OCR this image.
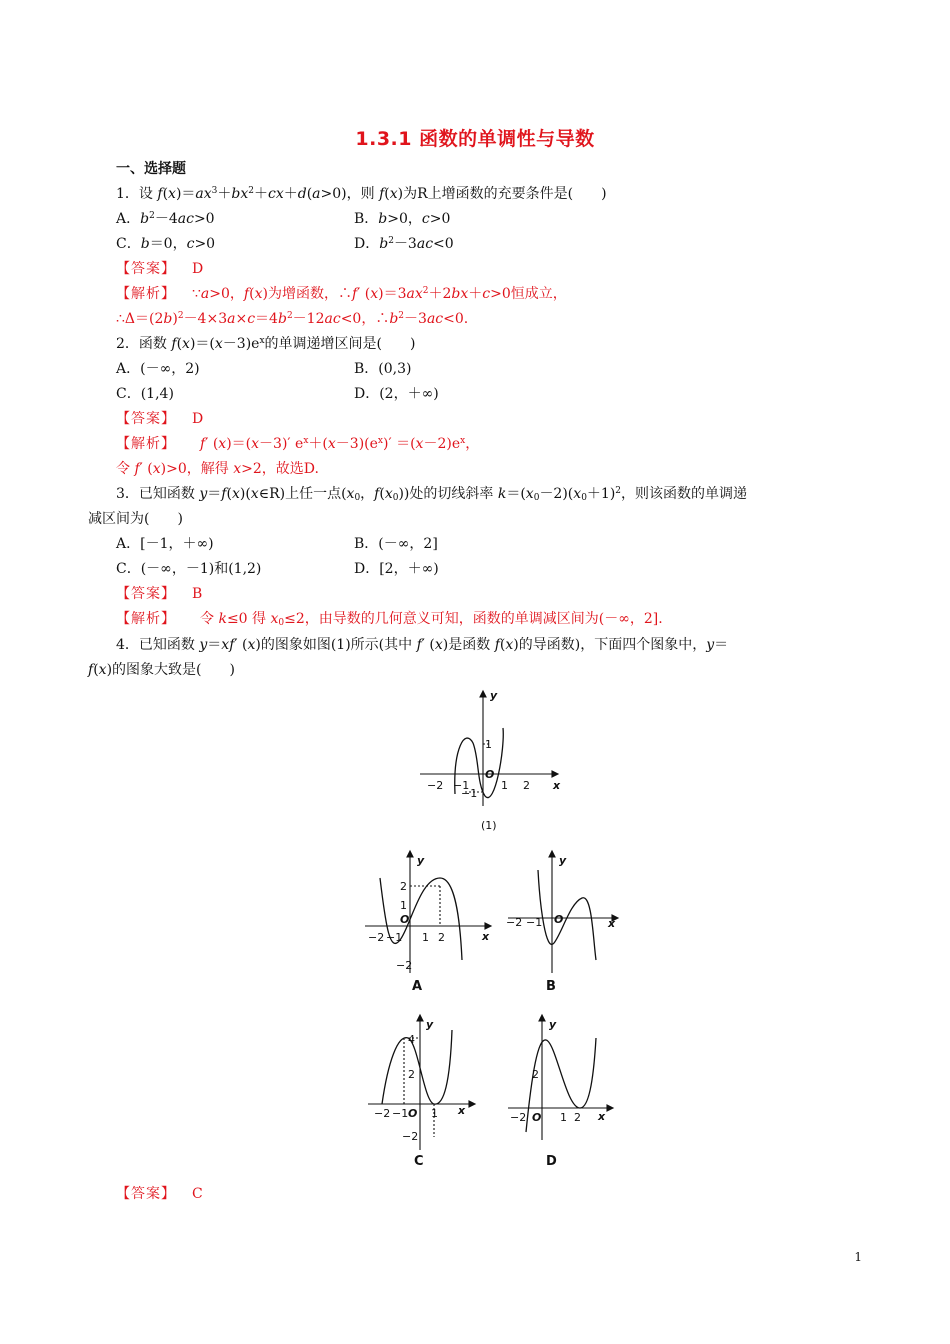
1.3.1 函数的单调性与导数
一、选择题
1．设 $f(x)=ax^3+bx^2+cx+d(a>0)$，则 f(x)为R上增函数的充要条件是(　　)
A．$b^2-4ac>0$	B．b>0，c>0
C．b＝0，c>0	D．$b^2-3ac<0$
【答案】 D
【解析】 ∵a>0，f(x)为增函数，∴f′ $(x)=3ax^2+2bx+c>0$恒成立，
$\therefore\Delta=(2b)^2-4\times 3a\times c=4b^2-12ac<0$，$\therefore b^2-3ac<0$.
2．函数 $f(x)=(x-3)e^x$的单调递增区间是(　　)
A．(－∞，2)	B．(0,3)
C．(1,4)	D．(2，＋∞)
【答案】 D
【解析】 f′ (x)＝(x－3)′ $e^x+(x-3)(e^x)' =(x-2)e^x$，
令 f′ (x)>0，解得 x>2，故选D.
3．已知函数 y＝f(x)(x∈R)上任一点($x_0$，$f(x_0)$)处的切线斜率 $k=(x_0-2)(x_0+1)^2$，则该函数的单调递
减区间为(　　)
A．[－1，＋∞)	B．(－∞，2]
C．(－∞，－1)和(1,2)	D．[2，＋∞)
【答案】 B
【解析】 令 k≤0 得 $x_0\le 2$，由导数的几何意义可知，函数的单调减区间为(－∞，2].
4．已知函数 y＝xf′ (x)的图象如图(1)所示(其中 f′ (x)是函数 f(x)的导函数)，下面四个图象中，y＝
f(x)的图象大致是(　　)
y
x
O
−2 −1	1 2
1
−1
(1)
y
x
O
−2 −1 1 2
2
1
−2
A
y
x
O
−2 −1
B
y
x
O
−2 −1 1
4
2
−2
C
y
x
O
−2	1 2
2
D
【答案】 C
1
